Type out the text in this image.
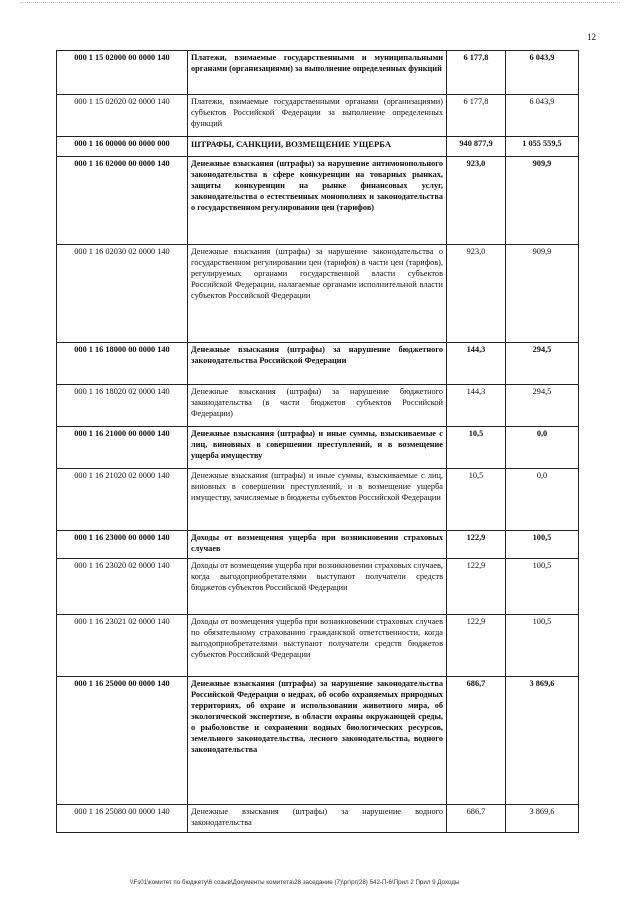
12
000 1 15 02000 00 0000 140	Платежи, взимаемые государственными и муниципальными органами (организациями) за выполнение определенных функций	6 177,8	6 043,9
000 1 15 02020 02 0000 140	Платежи, взимаемые государственными органами (организациями) субъектов Российской Федерации за выполнение определенных функций	6 177,8	6 043,9
000 1 16 00000 00 0000 000	ШТРАФЫ, САНКЦИИ, ВОЗМЕЩЕНИЕ УЩЕРБА	940 877,9	1 055 559,5
000 1 16 02000 00 0000 140	Денежные взыскания (штрафы) за нарушение антимонопольного законодательства в сфере конкуренции на товарных рынках, защиты конкуренции на рынке финансовых услуг, законодательства о естественных монополиях и законодательства о государственном регулировании цен (тарифов)	923,0	909,9
000 1 16 02030 02 0000 140	Денежные взыскания (штрафы) за нарушение законодательства о государственном регулировании цен (тарифов) в части цен (тарифов), регулируемых органами государственной власти субъектов Российской Федерации, налагаемые органами исполнительной власти субъектов Российской Федерации	923,0	909,9
000 1 16 18000 00 0000 140	Денежные взыскания (штрафы) за нарушение бюджетного законодательства Российской Федерации	144,3	294,5
000 1 16 18020 02 0000 140	Денежные взыскания (штрафы) за нарушение бюджетного законодательства (в части бюджетов субъектов Российской Федерации)	144,3	294,5
000 1 16 21000 00 0000 140	Денежные взыскания (штрафы) и иные суммы, взыскиваемые с лиц, виновных в совершении преступлений, и в возмещение ущерба имуществу	10,5	0,0
000 1 16 21020 02 0000 140	Денежные взыскания (штрафы) и иные суммы, взыскиваемые с лиц, виновных в совершении преступлений, и в возмещение ущерба имуществу, зачисляемые в бюджеты субъектов Российской Федерации	10,5	0,0
000 1 16 23000 00 0000 140	Доходы от возмещения ущерба при возникновении страховых случаев	122,9	100,5
000 1 16 23020 02 0000 140	Доходы от возмещения ущерба при возникновении страховых случаев, когда выгодоприобретателями выступают получатели средств бюджетов субъектов Российской Федерации	122,9	100,5
000 1 16 23021 02 0000 140	Доходы от возмещения ущерба при возникновении страховых случаев по обязательному страхованию гражданской ответственности, когда выгодоприобретателями выступают получатели средств бюджетов субъектов Российской Федерации	122,9	100,5
000 1 16 25000 00 0000 140	Денежные взыскания (штрафы) за нарушение законодательства Российской Федерации о недрах, об особо охраняемых природных территориях, об охране и использовании животного мира, об экологической экспертизе, в области охраны окружающей среды, о рыболовстве и сохранении водных биологических ресурсов, земельного законодательства, лесного законодательства, водного законодательства	686,7	3 869,6
000 1 16 25080 00 0000 140	Денежные взыскания (штрафы) за нарушение водного законодательства	686,7	3 869,6
\\Fs01\комитет по бюджету\6 созыв\Документы комитета\28 заседание (7)\рг\рг(28) 542-П-6\Прил 2 Прил 9 Доходы
